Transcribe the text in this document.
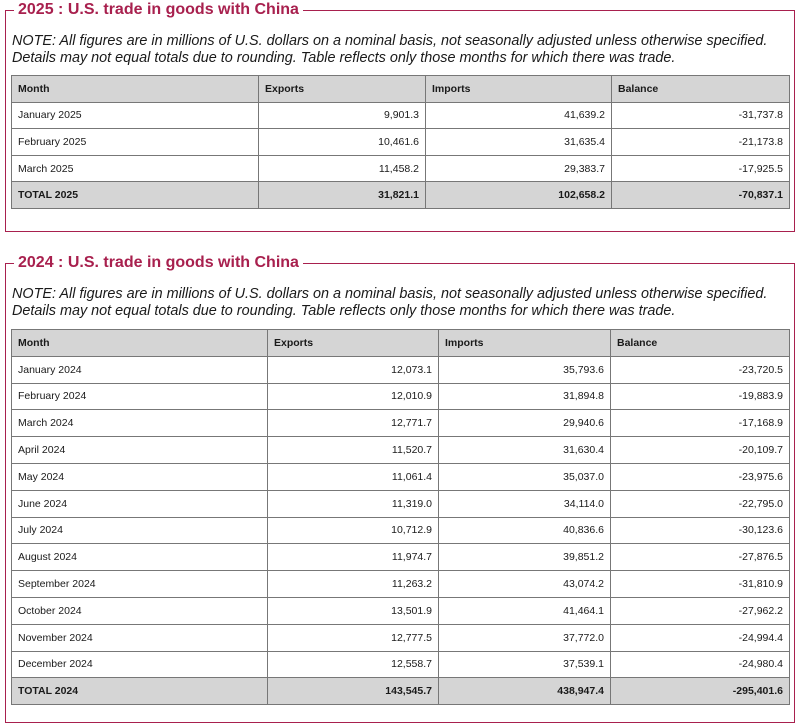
2025 : U.S. trade in goods with China
NOTE: All figures are in millions of U.S. dollars on a nominal basis, not seasonally adjusted unless otherwise specified.
Details may not equal totals due to rounding. Table reflects only those months for which there was trade.
Month	Exports	Imports	Balance
January 2025	9,901.3	41,639.2	-31,737.8
February 2025	10,461.6	31,635.4	-21,173.8
March 2025	11,458.2	29,383.7	-17,925.5
TOTAL 2025	31,821.1	102,658.2	-70,837.1
2024 : U.S. trade in goods with China
NOTE: All figures are in millions of U.S. dollars on a nominal basis, not seasonally adjusted unless otherwise specified.
Details may not equal totals due to rounding. Table reflects only those months for which there was trade.
Month	Exports	Imports	Balance
January 2024	12,073.1	35,793.6	-23,720.5
February 2024	12,010.9	31,894.8	-19,883.9
March 2024	12,771.7	29,940.6	-17,168.9
April 2024	11,520.7	31,630.4	-20,109.7
May 2024	11,061.4	35,037.0	-23,975.6
June 2024	11,319.0	34,114.0	-22,795.0
July 2024	10,712.9	40,836.6	-30,123.6
August 2024	11,974.7	39,851.2	-27,876.5
September 2024	11,263.2	43,074.2	-31,810.9
October 2024	13,501.9	41,464.1	-27,962.2
November 2024	12,777.5	37,772.0	-24,994.4
December 2024	12,558.7	37,539.1	-24,980.4
TOTAL 2024	143,545.7	438,947.4	-295,401.6
